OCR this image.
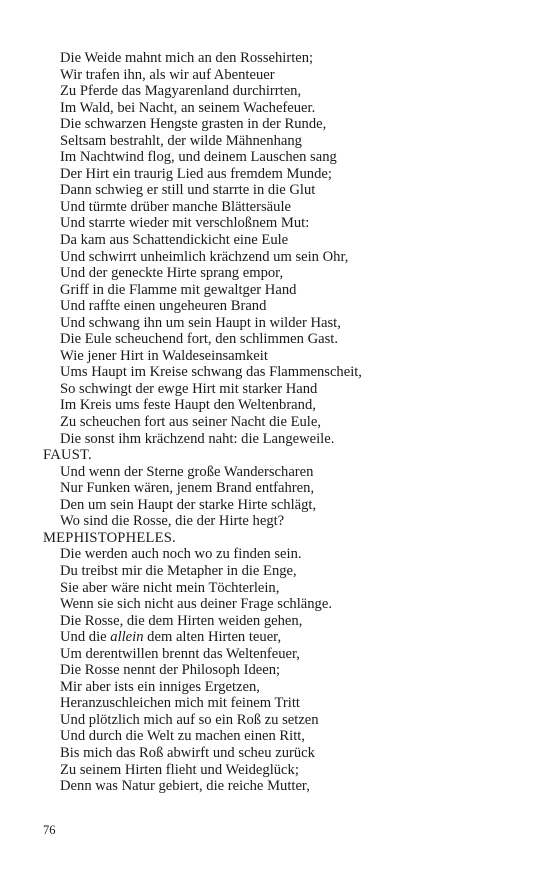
Die Weide mahnt mich an den Rossehirten;
Wir trafen ihn, als wir auf Abenteuer
Zu Pferde das Magyarenland durchirrten,
Im Wald, bei Nacht, an seinem Wachefeuer.
Die schwarzen Hengste grasten in der Runde,
Seltsam bestrahlt, der wilde Mähnenhang
Im Nachtwind flog, und deinem Lauschen sang
Der Hirt ein traurig Lied aus fremdem Munde;
Dann schwieg er still und starrte in die Glut
Und türmte drüber manche Blättersäule
Und starrte wieder mit verschloßnem Mut:
Da kam aus Schattendickicht eine Eule
Und schwirrt unheimlich krächzend um sein Ohr,
Und der geneckte Hirte sprang empor,
Griff in die Flamme mit gewaltger Hand
Und raffte einen ungeheuren Brand
Und schwang ihn um sein Haupt in wilder Hast,
Die Eule scheuchend fort, den schlimmen Gast.
Wie jener Hirt in Waldeseinsamkeit
Ums Haupt im Kreise schwang das Flammenscheit,
So schwingt der ewge Hirt mit starker Hand
Im Kreis ums feste Haupt den Weltenbrand,
Zu scheuchen fort aus seiner Nacht die Eule,
Die sonst ihm krächzend naht: die Langeweile.
FAUST.
Und wenn der Sterne große Wanderscharen
Nur Funken wären, jenem Brand entfahren,
Den um sein Haupt der starke Hirte schlägt,
Wo sind die Rosse, die der Hirte hegt?
MEPHISTOPHELES.
Die werden auch noch wo zu finden sein.
Du treibst mir die Metapher in die Enge,
Sie aber wäre nicht mein Töchterlein,
Wenn sie sich nicht aus deiner Frage schlänge.
Die Rosse, die dem Hirten weiden gehen,
Und die allein dem alten Hirten teuer,
Um derentwillen brennt das Weltenfeuer,
Die Rosse nennt der Philosoph Ideen;
Mir aber ists ein inniges Ergetzen,
Heranzuschleichen mich mit feinem Tritt
Und plötzlich mich auf so ein Roß zu setzen
Und durch die Welt zu machen einen Ritt,
Bis mich das Roß abwirft und scheu zurück
Zu seinem Hirten flieht und Weideglück;
Denn was Natur gebiert, die reiche Mutter,
76
